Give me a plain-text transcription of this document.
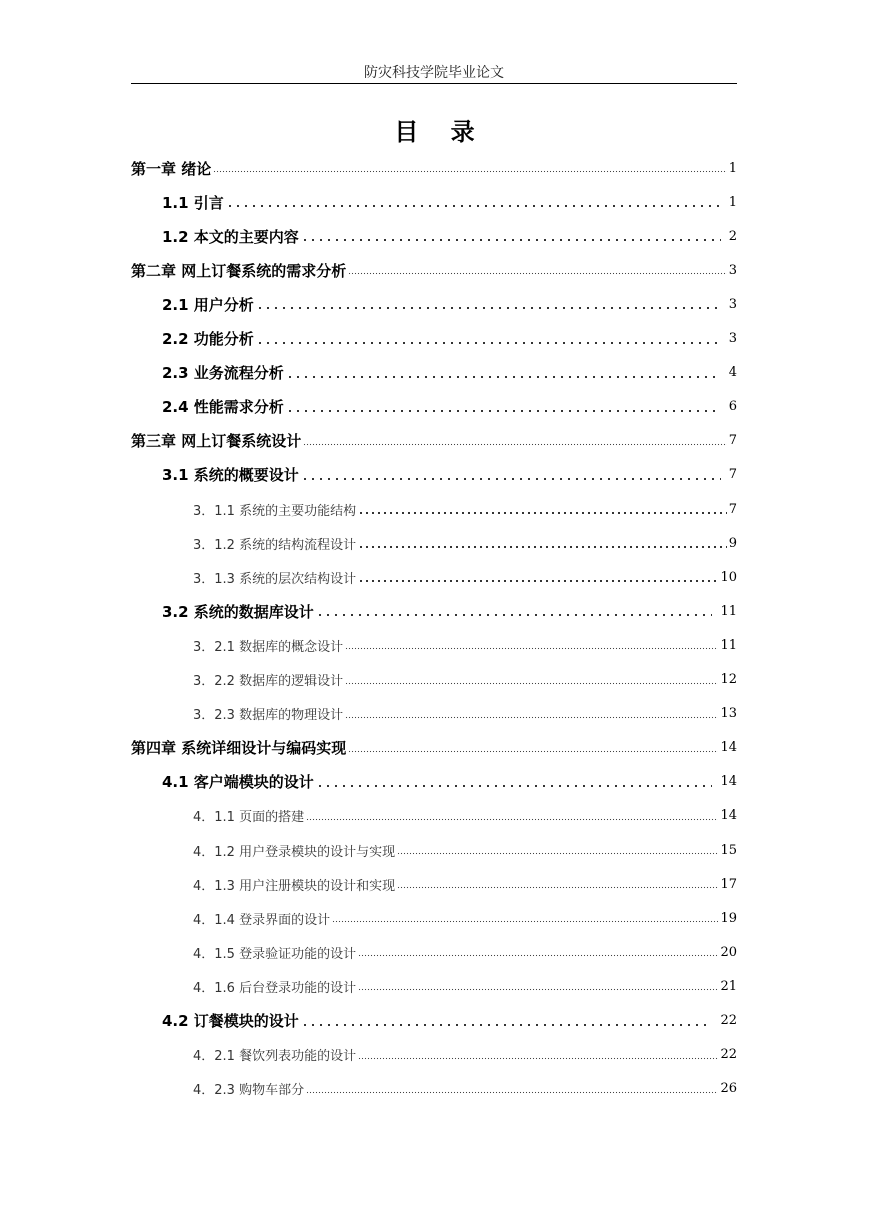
防灾科技学院毕业论文
目 录
第一章 绪论	1
1.1 引言	1
1.2 本文的主要内容	2
第二章 网上订餐系统的需求分析	3
2.1 用户分析	3
2.2 功能分析	3
2.3 业务流程分析	4
2.4 性能需求分析	6
第三章 网上订餐系统设计	7
3.1 系统的概要设计	7
3．1.1 系统的主要功能结构	7
3．1.2 系统的结构流程设计	9
3．1.3 系统的层次结构设计	10
3.2 系统的数据库设计	11
3．2.1 数据库的概念设计	11
3．2.2 数据库的逻辑设计	12
3．2.3 数据库的物理设计	13
第四章 系统详细设计与编码实现	14
4.1 客户端模块的设计	14
4．1.1 页面的搭建	14
4．1.2 用户登录模块的设计与实现	15
4．1.3 用户注册模块的设计和实现	17
4．1.4 登录界面的设计	19
4．1.5 登录验证功能的设计	20
4．1.6 后台登录功能的设计	21
4.2 订餐模块的设计	22
4．2.1 餐饮列表功能的设计	22
4．2.3 购物车部分	26
